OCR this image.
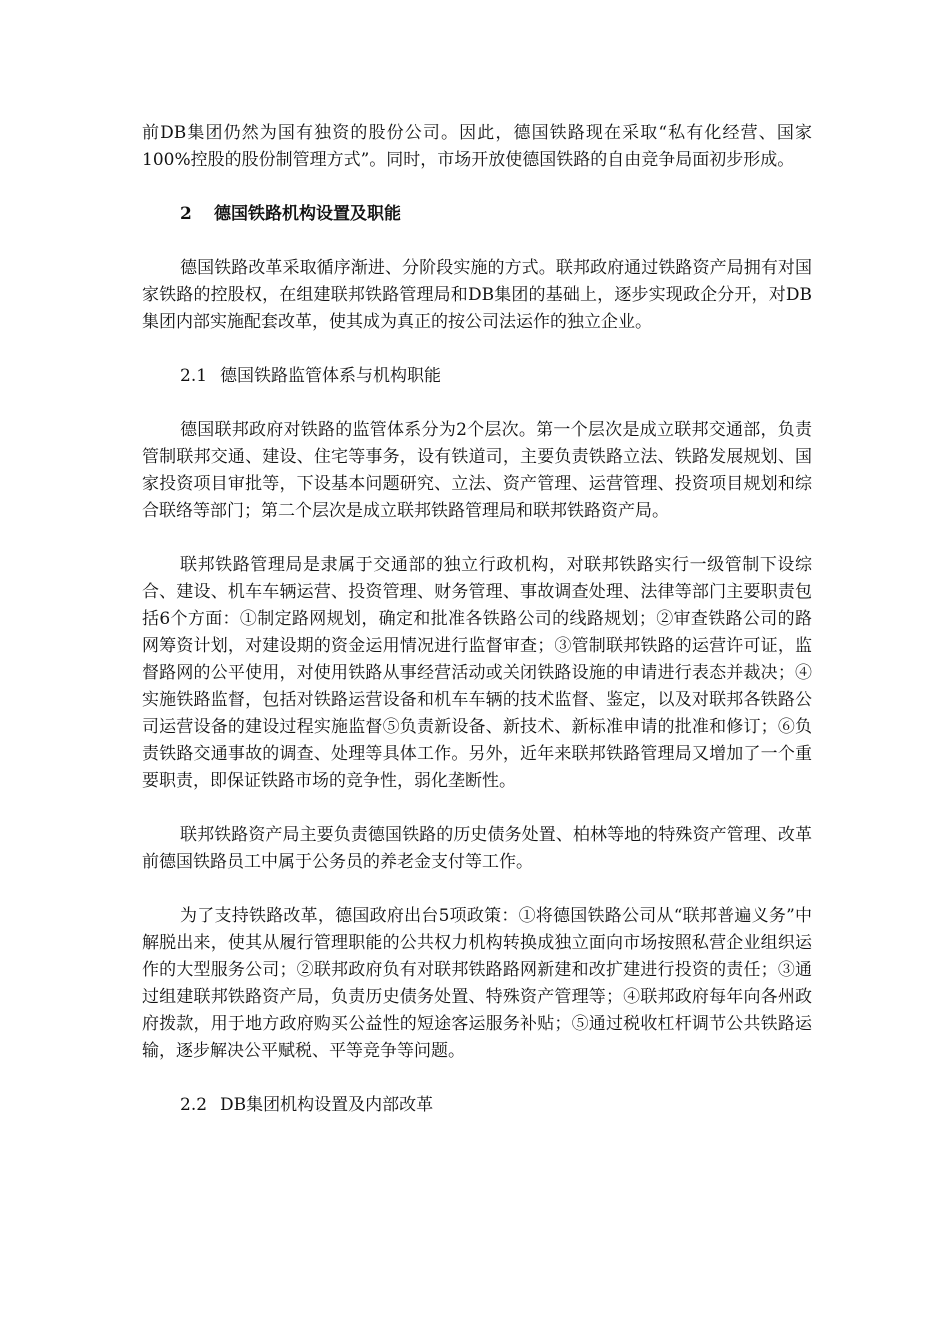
前DB集团仍然为国有独资的股份公司。因此，德国铁路现在采取“私有化经营、国家100%控股的股份制管理方式”。同时，市场开放使德国铁路的自由竞争局面初步形成。

2 德国铁路机构设置及职能

德国铁路改革采取循序渐进、分阶段实施的方式。联邦政府通过铁路资产局拥有对国家铁路的控股权，在组建联邦铁路管理局和DB集团的基础上，逐步实现政企分开，对DB集团内部实施配套改革，使其成为真正的按公司法运作的独立企业。

2.1 德国铁路监管体系与机构职能

德国联邦政府对铁路的监管体系分为2个层次。第一个层次是成立联邦交通部，负责管制联邦交通、建设、住宅等事务，设有铁道司，主要负责铁路立法、铁路发展规划、国家投资项目审批等，下设基本问题研究、立法、资产管理、运营管理、投资项目规划和综合联络等部门；第二个层次是成立联邦铁路管理局和联邦铁路资产局。

联邦铁路管理局是隶属于交通部的独立行政机构，对联邦铁路实行一级管制下设综合、建设、机车车辆运营、投资管理、财务管理、事故调查处理、法律等部门主要职责包括6个方面：①制定路网规划，确定和批准各铁路公司的线路规划；②审查铁路公司的路网筹资计划，对建设期的资金运用情况进行监督审查；③管制联邦铁路的运营许可证，监督路网的公平使用，对使用铁路从事经营活动或关闭铁路设施的申请进行表态并裁决；④实施铁路监督，包括对铁路运营设备和机车车辆的技术监督、鉴定，以及对联邦各铁路公司运营设备的建设过程实施监督⑤负责新设备、新技术、新标准申请的批准和修订；⑥负责铁路交通事故的调查、处理等具体工作。另外，近年来联邦铁路管理局又增加了一个重要职责，即保证铁路市场的竞争性，弱化垄断性。

联邦铁路资产局主要负责德国铁路的历史债务处置、柏林等地的特殊资产管理、改革前德国铁路员工中属于公务员的养老金支付等工作。

为了支持铁路改革，德国政府出台5项政策：①将德国铁路公司从“联邦普遍义务”中解脱出来，使其从履行管理职能的公共权力机构转换成独立面向市场按照私营企业组织运作的大型服务公司；②联邦政府负有对联邦铁路路网新建和改扩建进行投资的责任；③通过组建联邦铁路资产局，负责历史债务处置、特殊资产管理等；④联邦政府每年向各州政府拨款，用于地方政府购买公益性的短途客运服务补贴；⑤通过税收杠杆调节公共铁路运输，逐步解决公平赋税、平等竞争等问题。

2.2 DB集团机构设置及内部改革
